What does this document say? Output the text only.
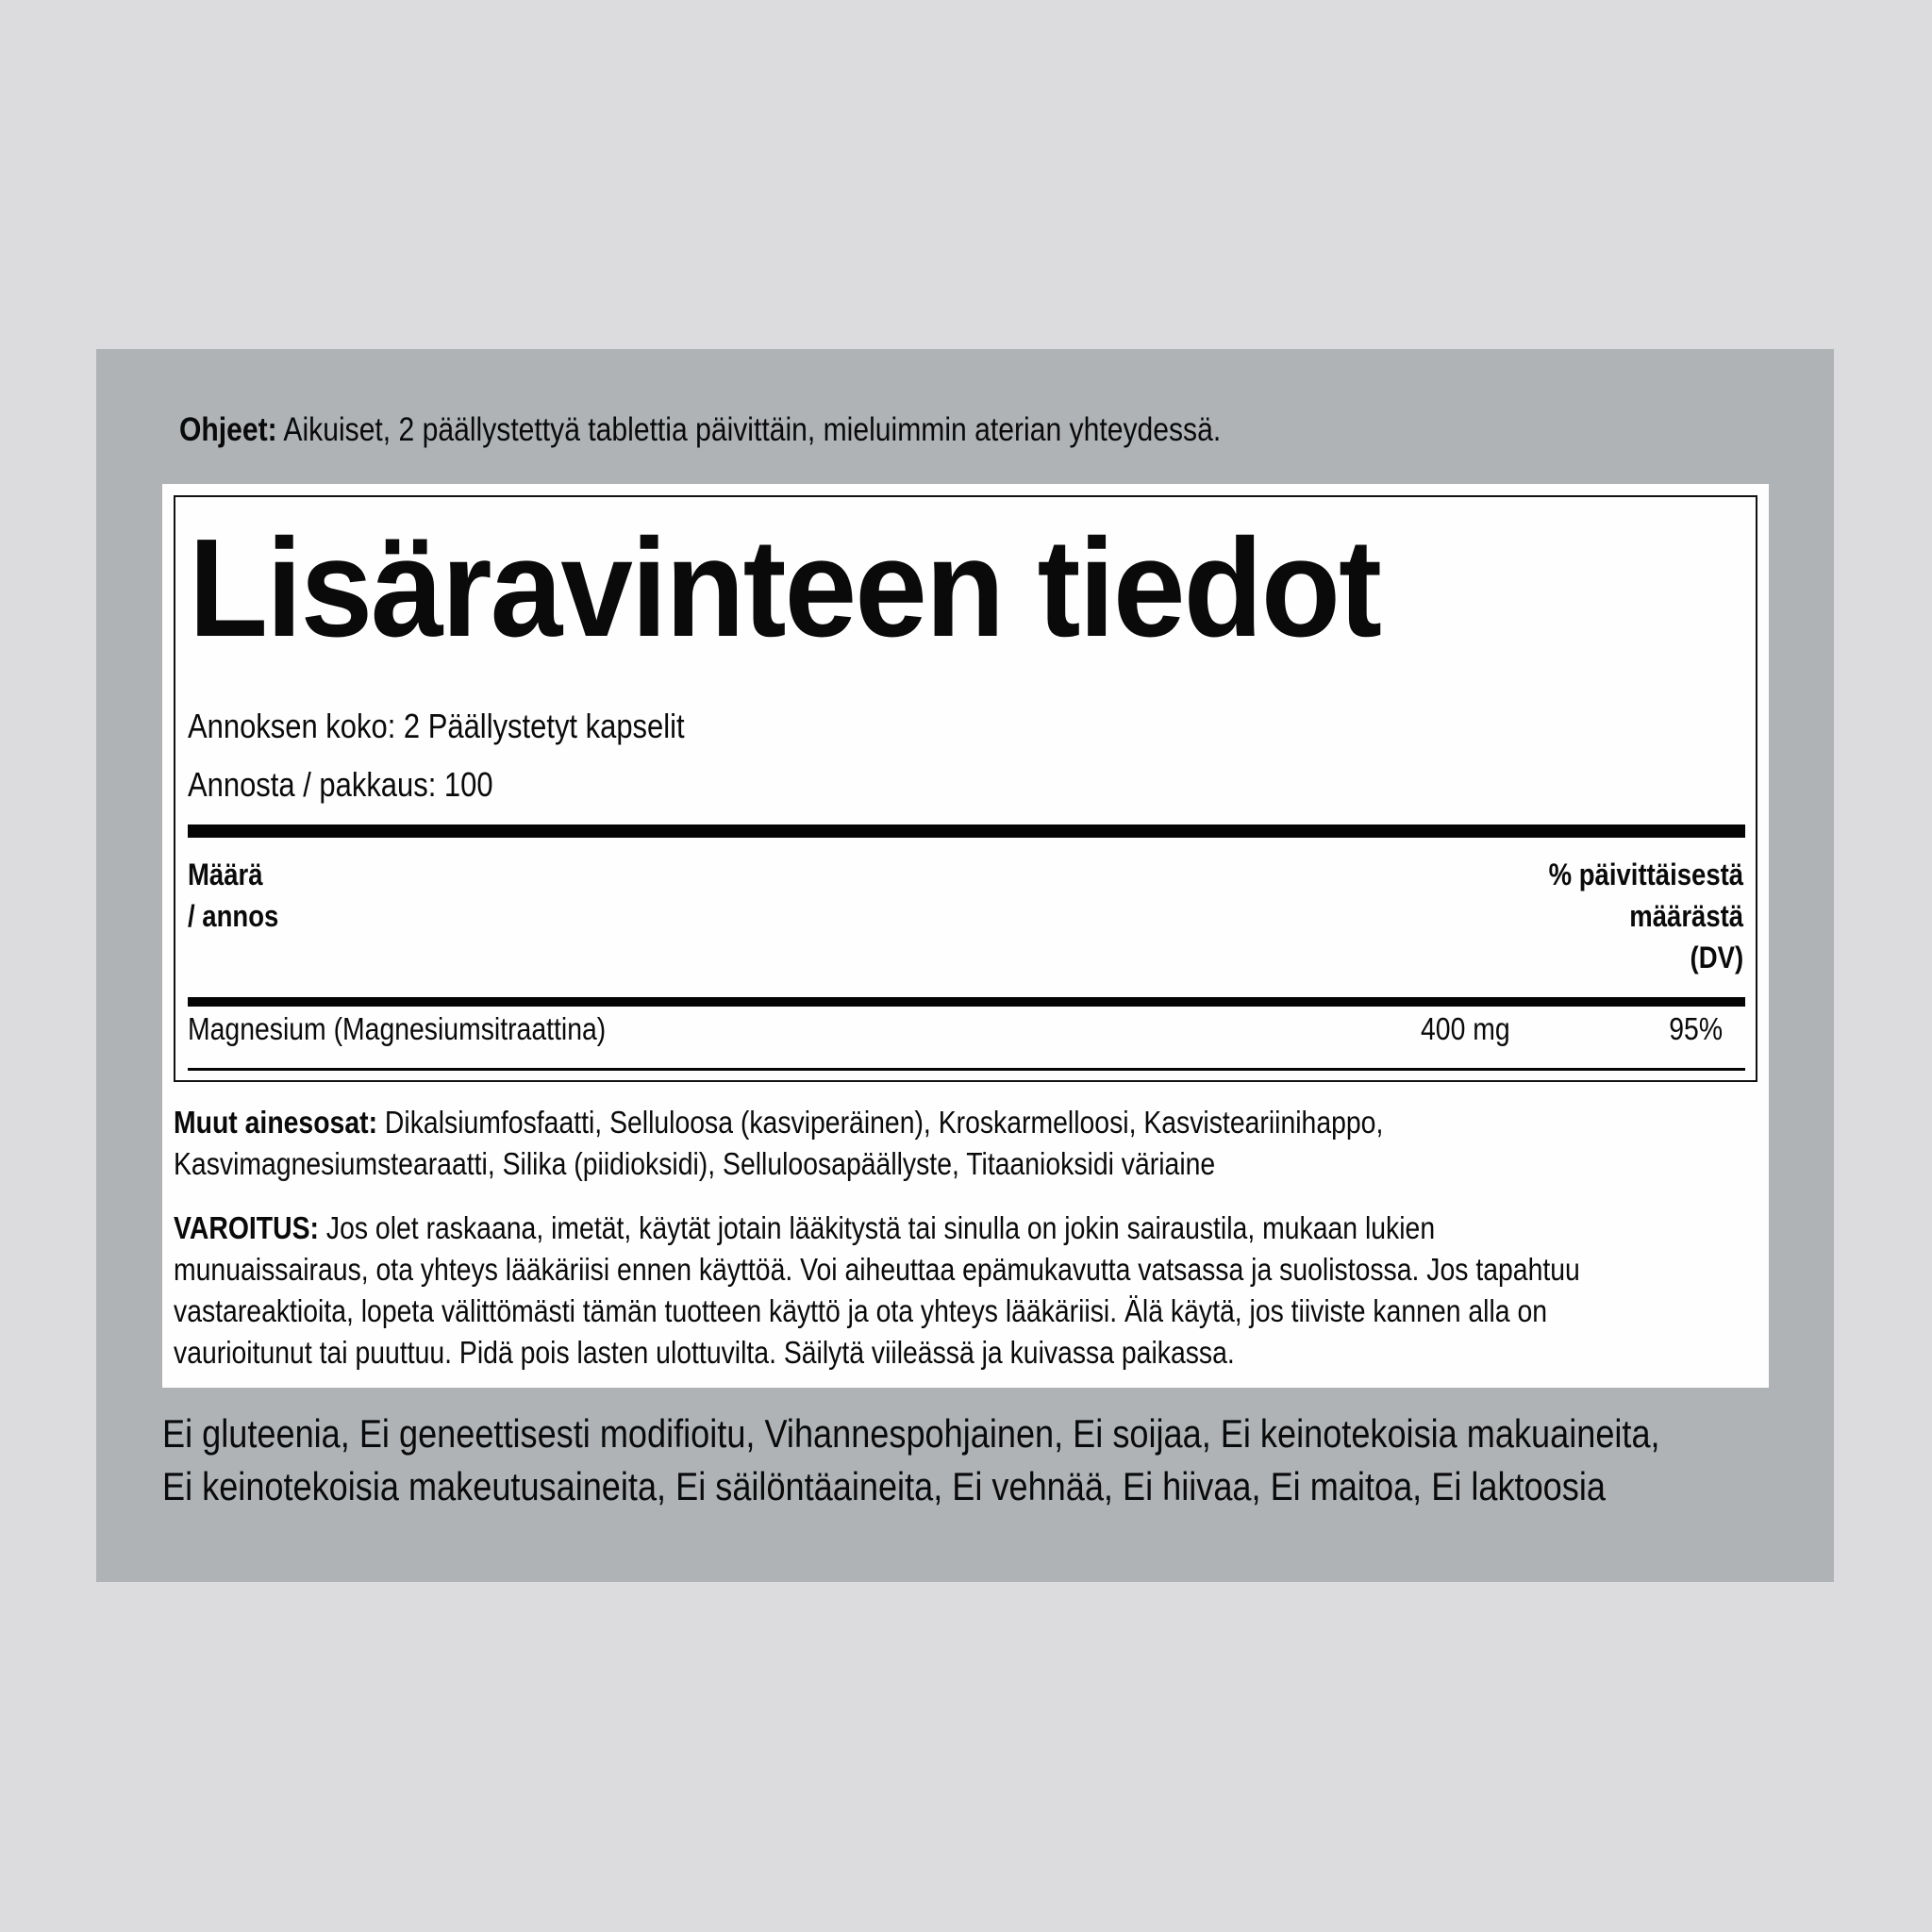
Ohjeet: Aikuiset, 2 päällystettyä tablettia päivittäin, mieluimmin aterian yhteydessä.
Lisäravinteen tiedot
Annoksen koko: 2 Päällystetyt kapselit
Annosta / pakkaus: 100
Määrä
/ annos
% päivittäisestä
määrästä
(DV)
Magnesium (Magnesiumsitraattina)	400 mg	95%
Muut ainesosat: Dikalsiumfosfaatti, Selluloosa (kasviperäinen), Kroskarmelloosi, Kasvisteariinihappo,
Kasvimagnesiumstearaatti, Silika (piidioksidi), Selluloosapäällyste, Titaanioksidi väriaine
VAROITUS: Jos olet raskaana, imetät, käytät jotain lääkitystä tai sinulla on jokin sairaustila, mukaan lukien
munuaissairaus, ota yhteys lääkäriisi ennen käyttöä. Voi aiheuttaa epämukavutta vatsassa ja suolistossa. Jos tapahtuu
vastareaktioita, lopeta välittömästi tämän tuotteen käyttö ja ota yhteys lääkäriisi. Älä käytä, jos tiiviste kannen alla on
vaurioitunut tai puuttuu. Pidä pois lasten ulottuvilta. Säilytä viileässä ja kuivassa paikassa.
Ei gluteenia, Ei geneettisesti modifioitu, Vihannespohjainen, Ei soijaa, Ei keinotekoisia makuaineita,
Ei keinotekoisia makeutusaineita, Ei säilöntäaineita, Ei vehnää, Ei hiivaa, Ei maitoa, Ei laktoosia
